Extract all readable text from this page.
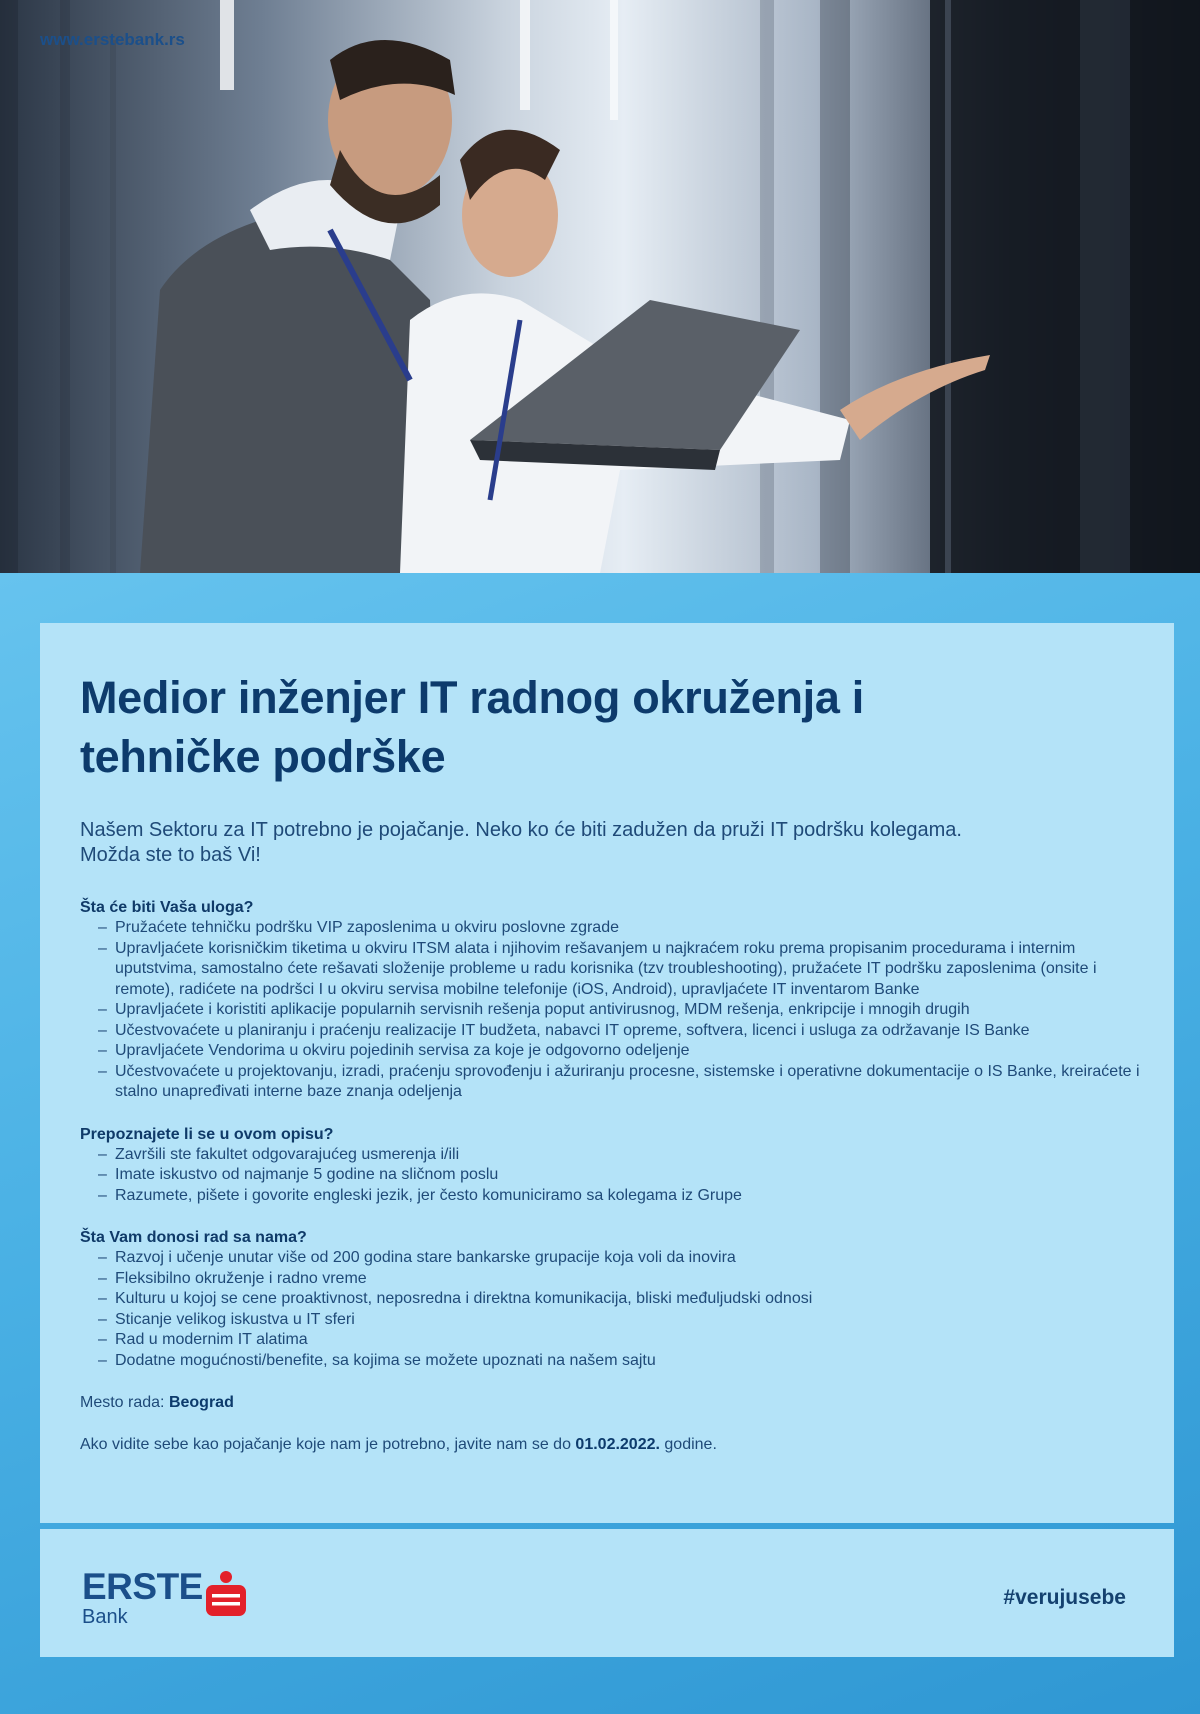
www.erstebank.rs
Medior inženjer IT radnog okruženja i
tehničke podrške

Našem Sektoru za IT potrebno je pojačanje. Neko ko će biti zadužen da pruži IT podršku kolegama.
Možda ste to baš Vi!

Šta će biti Vaša uloga?
– Pružaćete tehničku podršku VIP zaposlenima u okviru poslovne zgrade
– Upravljaćete korisničkim tiketima u okviru ITSM alata i njihovim rešavanjem u najkraćem roku prema propisanim procedurama i internim uputstvima, samostalno ćete rešavati složenije probleme u radu korisnika (tzv troubleshooting), pružaćete IT podršku zaposlenima (onsite i remote), radićete na podršci I u okviru servisa mobilne telefonije (iOS, Android), upravljaćete IT inventarom Banke
– Upravljaćete i koristiti aplikacije popularnih servisnih rešenja poput antivirusnog, MDM rešenja, enkripcije i mnogih drugih
– Učestvovaćete u planiranju i praćenju realizacije IT budžeta, nabavci IT opreme, softvera, licenci i usluga za održavanje IS Banke
– Upravljaćete Vendorima u okviru pojedinih servisa za koje je odgovorno odeljenje
– Učestvovaćete u projektovanju, izradi, praćenju sprovođenju i ažuriranju procesne, sistemske i operativne dokumentacije o IS Banke, kreiraćete i stalno unapređivati interne baze znanja odeljenja
Prepoznajete li se u ovom opisu?
– Završili ste fakultet odgovarajućeg usmerenja i/ili
– Imate iskustvo od najmanje 5 godine na sličnom poslu
– Razumete, pišete i govorite engleski jezik, jer često komuniciramo sa kolegama iz Grupe
Šta Vam donosi rad sa nama?
– Razvoj i učenje unutar više od 200 godina stare bankarske grupacije koja voli da inovira
– Fleksibilno okruženje i radno vreme
– Kulturu u kojoj se cene proaktivnost, neposredna i direktna komunikacija, bliski međuljudski odnosi
– Sticanje velikog iskustva u IT sferi
– Rad u modernim IT alatima
– Dodatne mogućnosti/benefite, sa kojima se možete upoznati na našem sajtu

Mesto rada: Beograd

Ako vidite sebe kao pojačanje koje nam je potrebno, javite nam se do 01.02.2022. godine.

ERSTE
Bank
#verujusebe
